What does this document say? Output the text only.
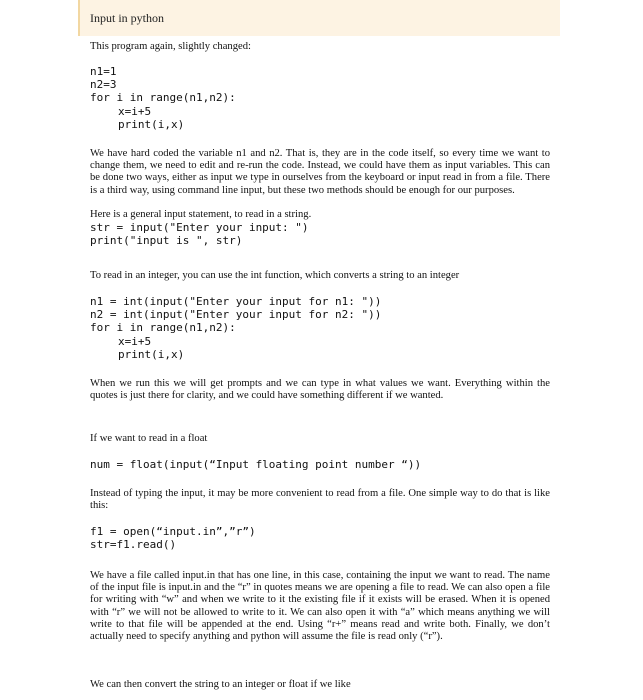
Input in python

This program again, slightly changed:

n1=1
n2=3
for i in range(n1,n2):
x=i+5
print(i,x)

We have hard coded the variable n1 and n2. That is, they are in the code itself, so every time we want to change them, we need to edit and re-run the code. Instead, we could have them as input variables. This can be done two ways, either as input we type in ourselves from the keyboard or input read in from a file. There is a third way, using command line input, but these two methods should be enough for our purposes.

Here is a general input statement, to read in a string.

str = input("Enter your input: ")
print("input is ", str)

To read in an integer, you can use the int function, which converts a string to an integer

n1 = int(input("Enter your input for n1: "))
n2 = int(input("Enter your input for n2: "))
for i in range(n1,n2):
x=i+5
print(i,x)

When we run this we will get prompts and we can type in what values we want. Everything within the quotes is just there for clarity, and we could have something different if we wanted.

If we want to read in a float

num = float(input(“Input floating point number “))

Instead of typing the input, it may be more convenient to read from a file. One simple way to do that is like this:

f1 = open(“input.in”,”r”)
str=f1.read()

We have a file called input.in that has one line, in this case, containing the input we want to read. The name of the input file is input.in and the “r” in quotes means we are opening a file to read. We can also open a file for writing with “w” and when we write to it the existing file if it exists will be erased. When it is opened with “r” we will not be allowed to write to it. We can also open it with “a” which means anything we will write to that file will be appended at the end. Using “r+” means read and write both. Finally, we don’t actually need to specify anything and python will assume the file is read only (“r”).

We can then convert the string to an integer or float if we like
